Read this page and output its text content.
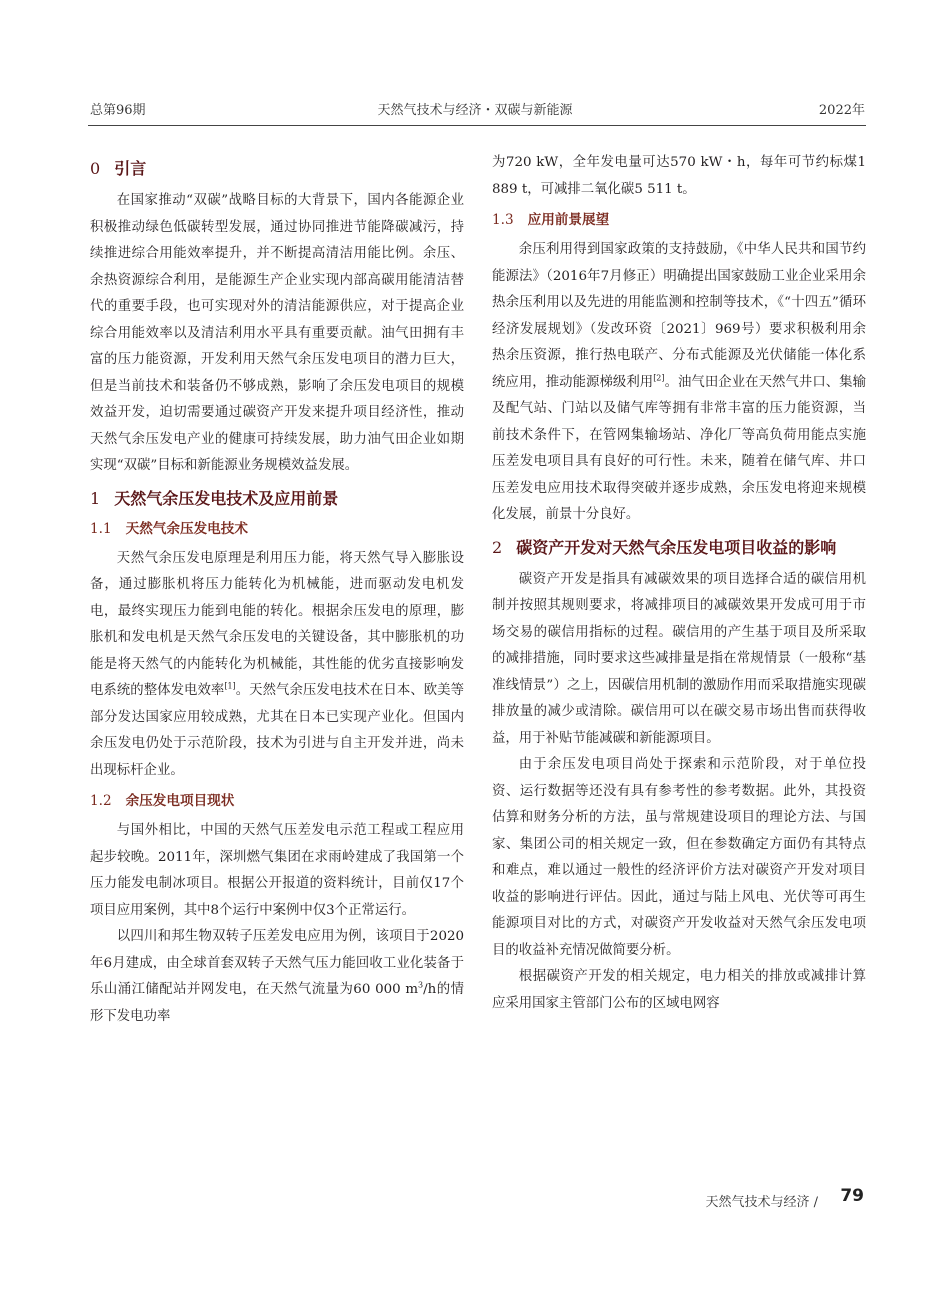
总第96期	天然气技术与经济・双碳与新能源	2022年
0 引言

在国家推动“双碳”战略目标的大背景下，国内各能源企业积极推动绿色低碳转型发展，通过协同推进节能降碳减污，持续推进综合用能效率提升，并不断提高清洁用能比例。余压、余热资源综合利用，是能源生产企业实现内部高碳用能清洁替代的重要手段，也可实现对外的清洁能源供应，对于提高企业综合用能效率以及清洁利用水平具有重要贡献。油气田拥有丰富的压力能资源，开发利用天然气余压发电项目的潜力巨大，但是当前技术和装备仍不够成熟，影响了余压发电项目的规模效益开发，迫切需要通过碳资产开发来提升项目经济性，推动天然气余压发电产业的健康可持续发展，助力油气田企业如期实现“双碳”目标和新能源业务规模效益发展。

1 天然气余压发电技术及应用前景
1.1 天然气余压发电技术

天然气余压发电原理是利用压力能，将天然气导入膨胀设备，通过膨胀机将压力能转化为机械能，进而驱动发电机发电，最终实现压力能到电能的转化。根据余压发电的原理，膨胀机和发电机是天然气余压发电的关键设备，其中膨胀机的功能是将天然气的内能转化为机械能，其性能的优劣直接影响发电系统的整体发电效率[1]。天然气余压发电技术在日本、欧美等部分发达国家应用较成熟，尤其在日本已实现产业化。但国内余压发电仍处于示范阶段，技术为引进与自主开发并进，尚未出现标杆企业。

1.2 余压发电项目现状

与国外相比，中国的天然气压差发电示范工程或工程应用起步较晚。2011年，深圳燃气集团在求雨岭建成了我国第一个压力能发电制冰项目。根据公开报道的资料统计，目前仅17个项目应用案例，其中8个运行中案例中仅3个正常运行。

以四川和邦生物双转子压差发电应用为例，该项目于2020年6月建成，由全球首套双转子天然气压力能回收工业化装备于乐山涌江储配站并网发电，在天然气流量为60 000 $m^3/h$的情形下发电功率

为720 kW，全年发电量可达570 kW・h，每年可节约标煤1 889 t，可减排二氧化碳5 511 t。

1.3 应用前景展望

余压利用得到国家政策的支持鼓励，《中华人民共和国节约能源法》（2016年7月修正）明确提出国家鼓励工业企业采用余热余压利用以及先进的用能监测和控制等技术，《“十四五”循环经济发展规划》（发改环资〔2021〕969号）要求积极利用余热余压资源，推行热电联产、分布式能源及光伏储能一体化系统应用，推动能源梯级利用[2]。油气田企业在天然气井口、集输及配气站、门站以及储气库等拥有非常丰富的压力能资源，当前技术条件下，在管网集输场站、净化厂等高负荷用能点实施压差发电项目具有良好的可行性。未来，随着在储气库、井口压差发电应用技术取得突破并逐步成熟，余压发电将迎来规模化发展，前景十分良好。

2 碳资产开发对天然气余压发电项目收益的影响

碳资产开发是指具有减碳效果的项目选择合适的碳信用机制并按照其规则要求，将减排项目的减碳效果开发成可用于市场交易的碳信用指标的过程。碳信用的产生基于项目及所采取的减排措施，同时要求这些减排量是指在常规情景（一般称“基准线情景”）之上，因碳信用机制的激励作用而采取措施实现碳排放量的减少或清除。碳信用可以在碳交易市场出售而获得收益，用于补贴节能减碳和新能源项目。

由于余压发电项目尚处于探索和示范阶段，对于单位投资、运行数据等还没有具有参考性的参考数据。此外，其投资估算和财务分析的方法，虽与常规建设项目的理论方法、与国家、集团公司的相关规定一致，但在参数确定方面仍有其特点和难点，难以通过一般性的经济评价方法对碳资产开发对项目收益的影响进行评估。因此，通过与陆上风电、光伏等可再生能源项目对比的方式，对碳资产开发收益对天然气余压发电项目的收益补充情况做简要分析。

根据碳资产开发的相关规定，电力相关的排放或减排计算应采用国家主管部门公布的区域电网容

天然气技术与经济 / 79
